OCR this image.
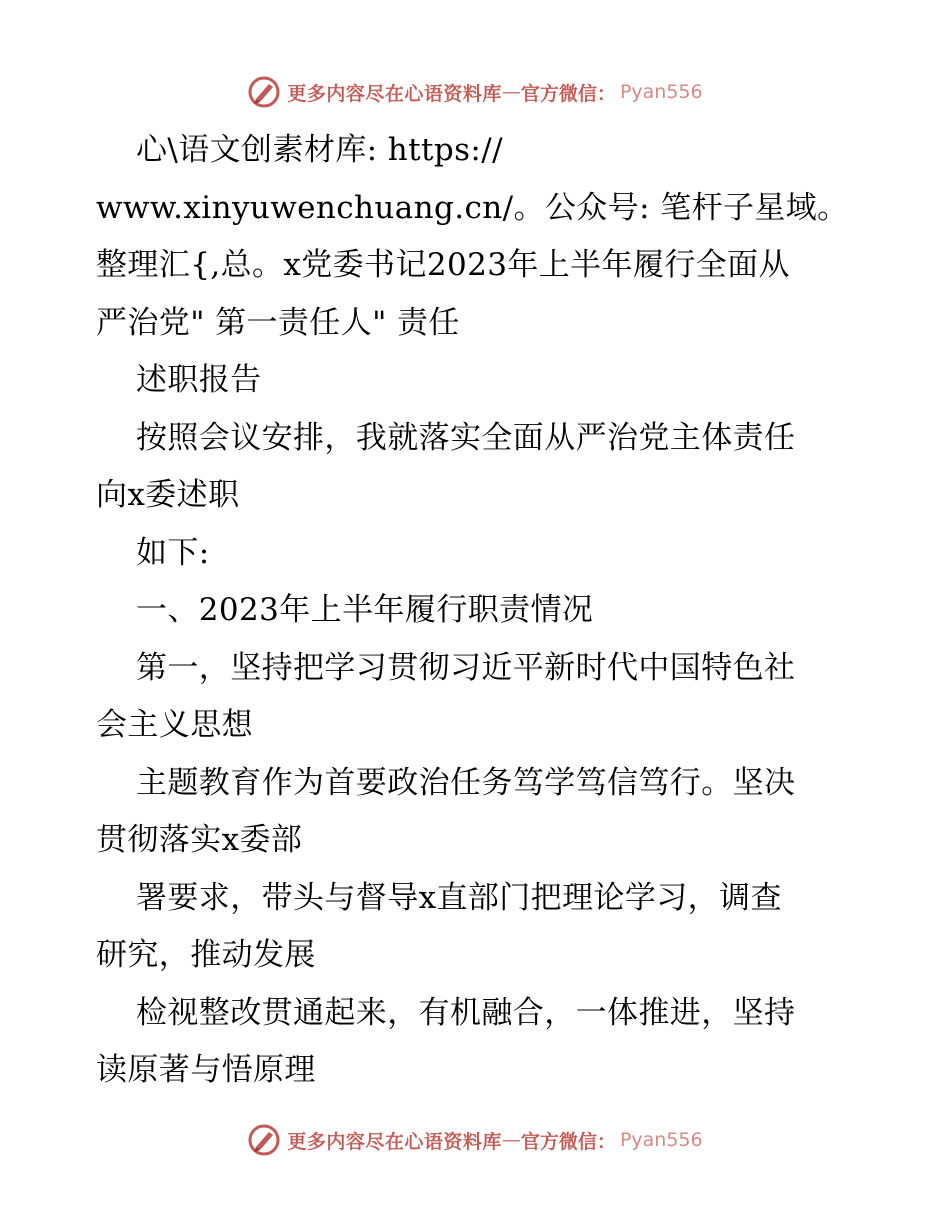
更多内容尽在心语资料库 — 官方微信： Pyan556
心\语文创素材库: https://
www.xinyuwenchuang.cn/。公众号: 笔杆子星域。
整理汇{,总。x党委书记2023年上半年履行全面从
严治党" 第一责任人" 责任
述职报告
按照会议安排，我就落实全面从严治党主体责任
向x委述职
如下:
一、2023年上半年履行职责情况
第一，坚持把学习贯彻习近平新时代中国特色社
会主义思想
主题教育作为首要政治任务笃学笃信笃行。坚决
贯彻落实x委部
署要求，带头与督导x直部门把理论学习，调查
研究，推动发展
检视整改贯通起来，有机融合，一体推进，坚持
读原著与悟原理
更多内容尽在心语资料库 — 官方微信： Pyan556
